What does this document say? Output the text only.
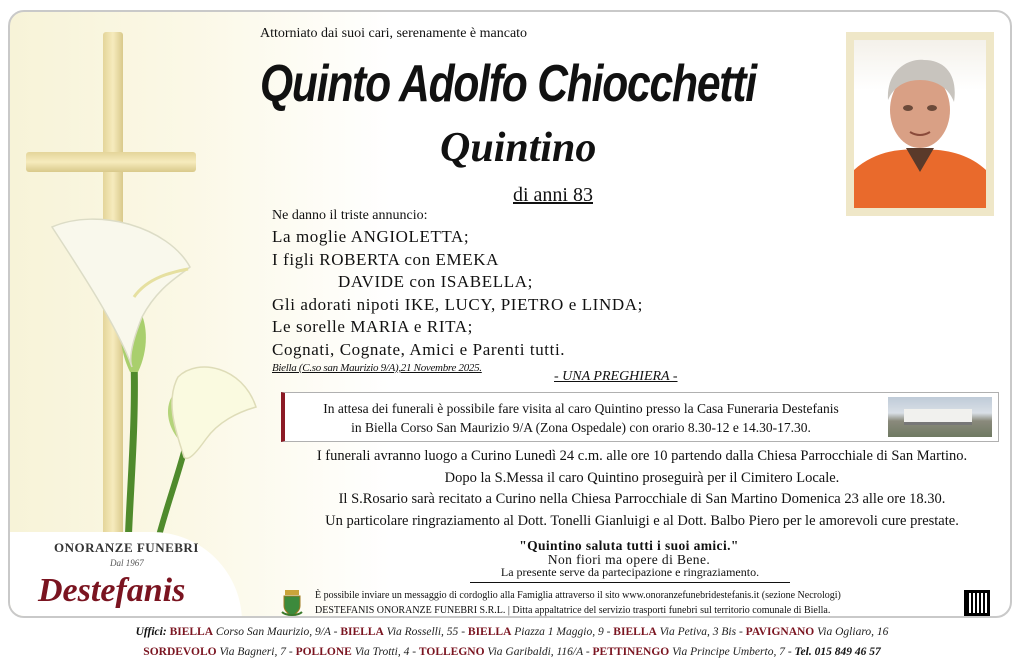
ONORANZE FUNEBRI
Dal 1967
Destefanis
Attorniato dai suoi cari, serenamente è mancato
Quinto Adolfo Chiocchetti
Quintino
di anni 83
Ne danno il triste annuncio:
La moglie ANGIOLETTA;
I figli ROBERTA con EMEKA
DAVIDE con ISABELLA;
Gli adorati nipoti IKE, LUCY, PIETRO e LINDA;
Le sorelle MARIA e RITA;
Cognati, Cognate, Amici e Parenti tutti.
Biella (C.so san Maurizio 9/A),21 Novembre 2025.
- UNA PREGHIERA -
In attesa dei funerali è possibile fare visita al caro Quintino presso la Casa Funeraria Destefanis
in Biella Corso San Maurizio 9/A (Zona Ospedale) con orario 8.30-12 e 14.30-17.30.
I funerali avranno luogo a Curino Lunedì 24 c.m. alle ore 10 partendo dalla Chiesa Parrocchiale di San Martino.
Dopo la S.Messa il caro Quintino proseguirà per il Cimitero Locale.
Il S.Rosario sarà recitato a Curino nella Chiesa Parrocchiale di San Martino Domenica 23 alle ore 18.30.
Un particolare ringraziamento al Dott. Tonelli Gianluigi e al Dott. Balbo Piero per le amorevoli cure prestate.
"Quintino saluta tutti i suoi amici."
Non fiori ma opere di Bene.
La presente serve da partecipazione e ringraziamento.
È possibile inviare un messaggio di cordoglio alla Famiglia attraverso il sito www.onoranzefunebridestefanis.it (sezione Necrologi)
DESTEFANIS ONORANZE FUNEBRI S.R.L. | Ditta appaltatrice del servizio trasporti funebri sul territorio comunale di Biella.
Uffici: BIELLA Corso San Maurizio, 9/A - BIELLA Via Rosselli, 55 - BIELLA Piazza 1 Maggio, 9 - BIELLA Via Petiva, 3 Bis - PAVIGNANO Via Ogliaro, 16
SORDEVOLO Via Bagneri, 7 - POLLONE Via Trotti, 4 - TOLLEGNO Via Garibaldi, 116/A - PETTINENGO Via Principe Umberto, 7 - Tel. 015 849 46 57
